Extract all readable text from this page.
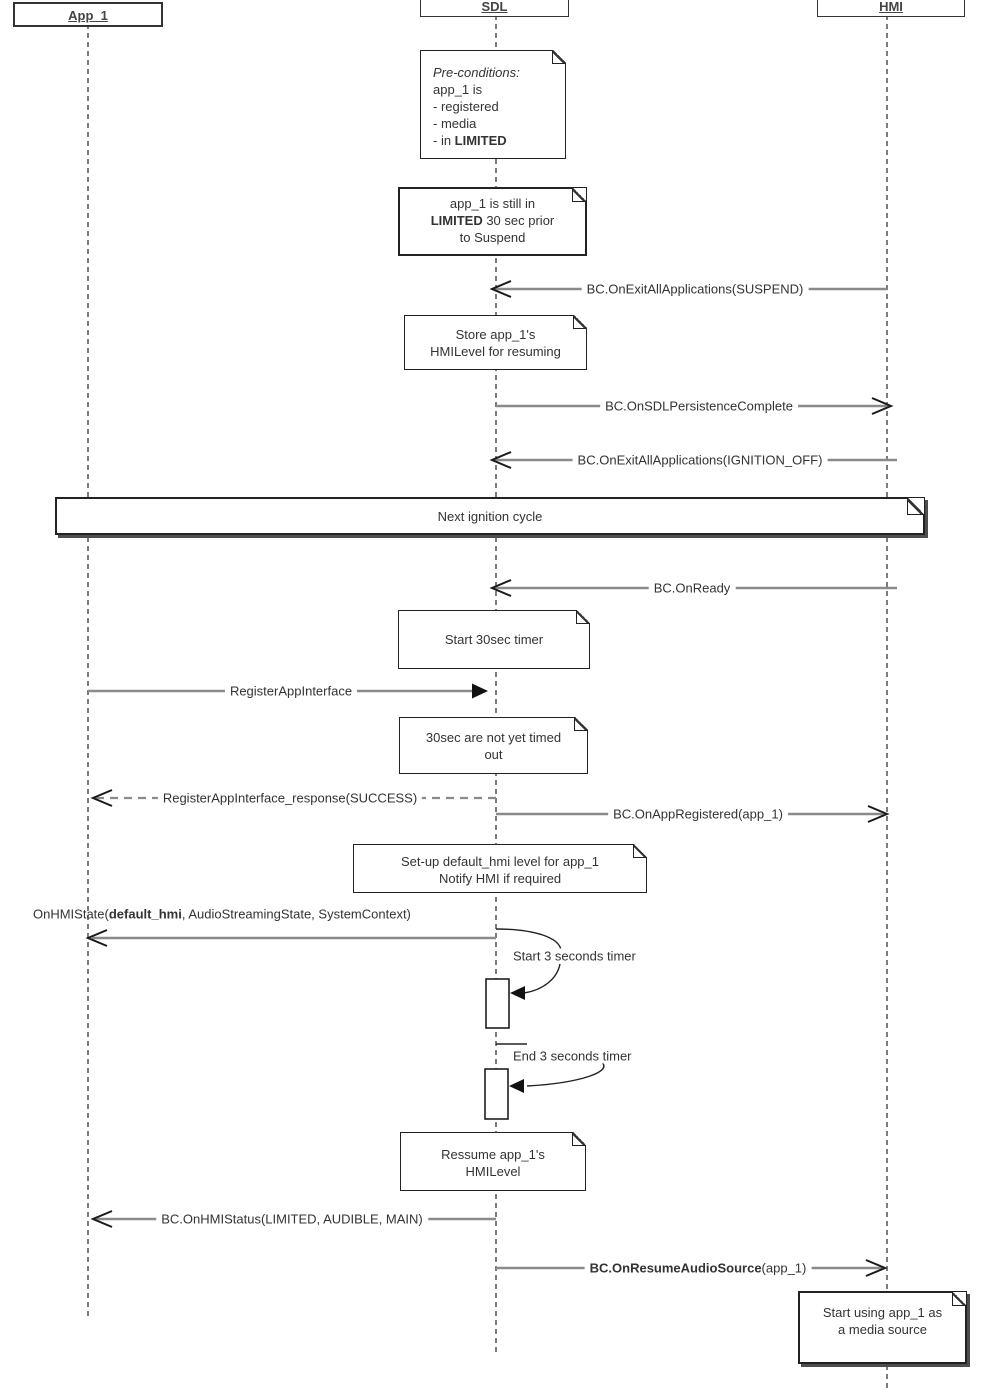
App_1
SDL	HMI
Pre-conditions:
app_1 is
- registered
- media
- in LIMITED
app_1 is still in
LIMITED 30 sec prior
to Suspend
Store app_1's
HMILevel for resuming
Next ignition cycle
Start 30sec timer
30sec are not yet timed
out
Set-up default_hmi level for app_1
Notify HMI if required
Ressume app_1's
HMILevel
Start using app_1 as
a media source
BC.OnExitAllApplications(SUSPEND)
BC.OnSDLPersistenceComplete
BC.OnExitAllApplications(IGNITION_OFF)
BC.OnReady
RegisterAppInterface
RegisterAppInterface_response(SUCCESS)
BC.OnAppRegistered(app_1)
OnHMIState(default_hmi, AudioStreamingState, SystemContext)
Start 3 seconds timer
End 3 seconds timer
BC.OnHMIStatus(LIMITED, AUDIBLE, MAIN)
BC.OnResumeAudioSource(app_1)
